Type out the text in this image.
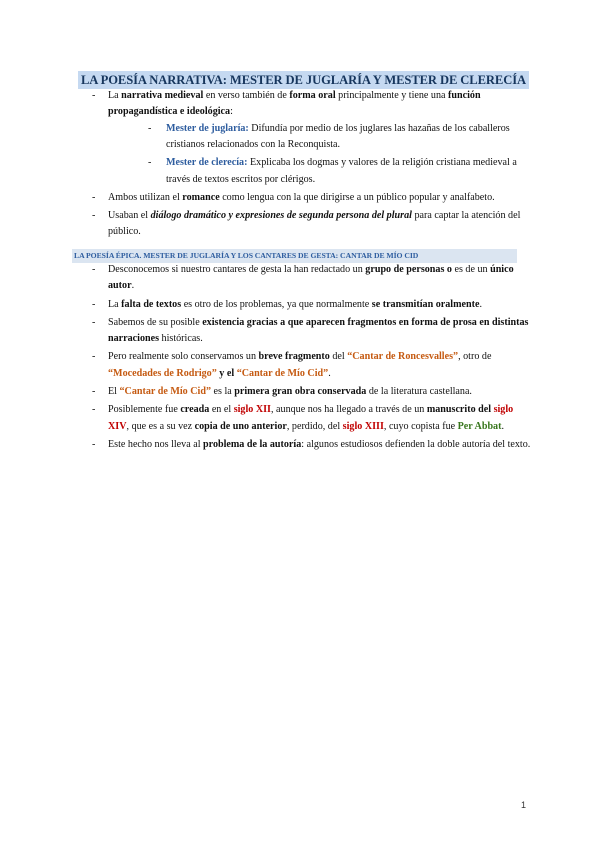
LA POESÍA NARRATIVA: MESTER DE JUGLARÍA Y MESTER DE CLERECÍA
- La narrativa medieval en verso también de forma oral principalmente y tiene una función propagandística e ideológica:
- Mester de juglaría: Difundía por medio de los juglares las hazañas de los caballeros cristianos relacionados con la Reconquista.
- Mester de clerecía: Explicaba los dogmas y valores de la religión cristiana medieval a través de textos escritos por clérigos.
- Ambos utilizan el romance como lengua con la que dirigirse a un público popular y analfabeto.
- Usaban el diálogo dramático y expresiones de segunda persona del plural para captar la atención del público.
LA POESÍA ÉPICA. MESTER DE JUGLARÍA Y LOS CANTARES DE GESTA: CANTAR DE MÍO CID
- Desconocemos si nuestro cantares de gesta la han redactado un grupo de personas o es de un único autor.
- La falta de textos es otro de los problemas, ya que normalmente se transmitían oralmente.
- Sabemos de su posible existencia gracias a que aparecen fragmentos en forma de prosa en distintas narraciones históricas.
- Pero realmente solo conservamos un breve fragmento del “Cantar de Roncesvalles”, otro de “Mocedades de Rodrigo” y el “Cantar de Mío Cid”.
- El “Cantar de Mío Cid” es la primera gran obra conservada de la literatura castellana.
- Posiblemente fue creada en el siglo XII, aunque nos ha llegado a través de un manuscrito del siglo XIV, que es a su vez copia de uno anterior, perdido, del siglo XIII, cuyo copista fue Per Abbat.
- Este hecho nos lleva al problema de la autoría: algunos estudiosos defienden la doble autoría del texto.
1
